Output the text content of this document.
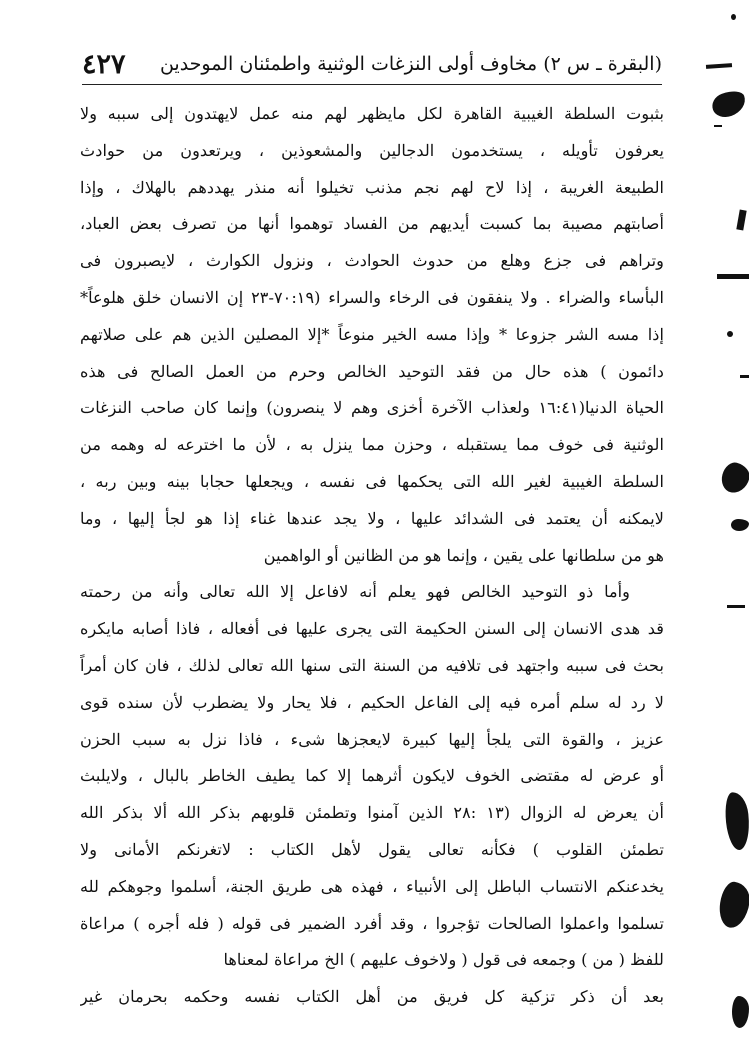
(البقرة ـ س ٢) مخاوف أولى النزغات الوثنية واطمئنان الموحدين
٤٢٧
بثبوت السلطة الغيبية القاهرة لكل مايظهر لهم منه عمل لايهتدون إلى سببه ولا
يعرفون تأويله ، يستخدمون الدجالين والمشعوذين ، ويرتعدون من حوادث
الطبيعة الغريبة ، إذا لاح لهم نجم مذنب تخيلوا أنه منذر يهددهم بالهلاك ، وإذا
أصابتهم مصيبة بما كسبت أيديهم من الفساد توهموا أنها من تصرف بعض العباد،
وتراهم فى جزع وهلع من حدوث الحوادث ، ونزول الكوارث ، لايصبرون فى
البأساء والضراء . ولا ينفقون فى الرخاء والسراء (٧٠:١٩-٢٣ إن الانسان خلق هلوعاً*
إذا مسه الشر جزوعا * وإذا مسه الخير منوعاً *إلا المصلين الذين هم على صلاتهم
دائمون ) هذه حال من فقد التوحيد الخالص وحرم من العمل الصالح فى هذه
الحياة الدنيا(١٦:٤١ ولعذاب الآخرة أخزى وهم لا ينصرون) وإنما كان صاحب النزغات
الوثنية فى خوف مما يستقبله ، وحزن مما ينزل به ، لأن ما اخترعه له وهمه من
السلطة الغيبية لغير الله التى يحكمها فى نفسه ، ويجعلها حجابا بينه وبين ربه ،
لايمكنه أن يعتمد فى الشدائد عليها ، ولا يجد عندها غناء إذا هو لجأ إليها ، وما
هو من سلطانها على يقين ، وإنما هو من الظانين أو الواهمين
وأما ذو التوحيد الخالص فهو يعلم أنه لافاعل إلا الله تعالى وأنه من رحمته
قد هدى الانسان إلى السنن الحكيمة التى يجرى عليها فى أفعاله ، فاذا أصابه مايكره
بحث فى سببه واجتهد فى تلافيه من السنة التى سنها الله تعالى لذلك ، فان كان أمراً
لا رد له سلم أمره فيه إلى الفاعل الحكيم ، فلا يحار ولا يضطرب لأن سنده قوى
عزيز ، والقوة التى يلجأ إليها كبيرة لايعجزها شىء ، فاذا نزل به سبب الحزن
أو عرض له مقتضى الخوف لايكون أثرهما إلا كما يطيف الخاطر بالبال ، ولايلبث
أن يعرض له الزوال (١٣ :٢٨ الذين آمنوا وتطمئن قلوبهم بذكر الله ألا بذكر الله
تطمئن القلوب ) فكأنه تعالى يقول لأهل الكتاب : لاتغرنكم الأمانى ولا
يخدعنكم الانتساب الباطل إلى الأنبياء ، فهذه هى طريق الجنة، أسلموا وجوهكم لله
تسلموا واعملوا الصالحات تؤجروا ، وقد أفرد الضمير فى قوله ( فله أجره ) مراعاة
للفظ ( من ) وجمعه فى قول ( ولاخوف عليهم ) الخ مراعاة لمعناها
بعد أن ذكر تزكية كل فريق من أهل الكتاب نفسه وحكمه بحرمان غير
